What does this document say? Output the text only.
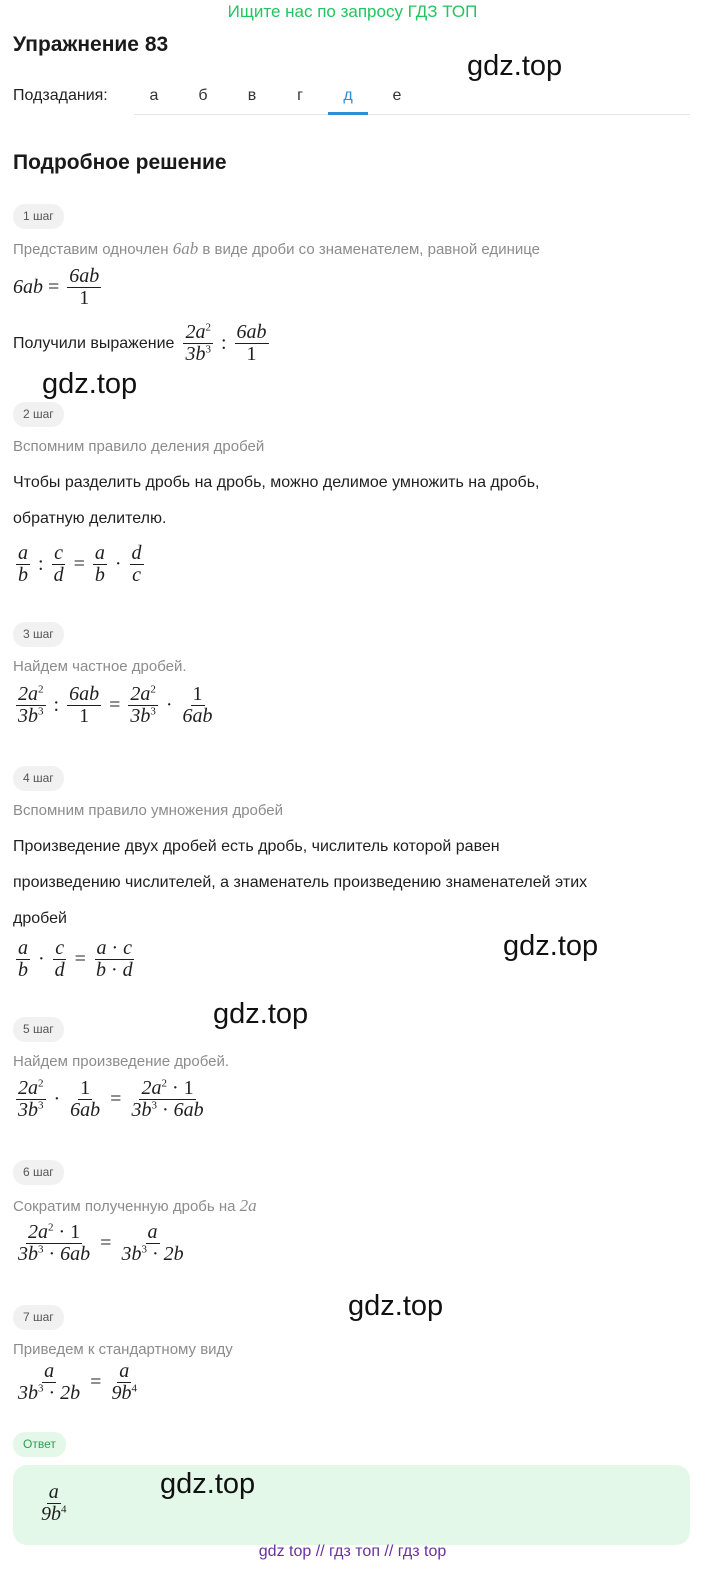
Ищите нас по запросу ГДЗ ТОП
Упражнение 83
gdz.top
gdz.top
gdz.top
gdz.top
gdz.top
Подзадания:	а	б	в	г	д	е
Подробное решение
1 шаг
Представим одночлен 6ab в виде дроби со знаменателем, равной единице
$6ab = \frac{6ab}{1}$
Получили выражение $\frac{2a^2}{3b^3}$ : $\frac{6ab}{1}$
2 шаг
Вспомним правило деления дробей
Чтобы разделить дробь на дробь, можно делимое умножить на дробь,
обратную делителю.
$\frac{a}{b}$ : $\frac{c}{d} = \frac{a}{b} \cdot \frac{d}{c}$
3 шаг
Найдем частное дробей.
$\frac{2a^2}{3b^3}$ : $\frac{6ab}{1} = \frac{2a^2}{3b^3} \cdot \frac{1}{6ab}$
4 шаг
Вспомним правило умножения дробей
Произведение двух дробей есть дробь, числитель которой равен
произведению числителей, а знаменатель произведению знаменателей этих
дробей
$\frac{a}{b} \cdot \frac{c}{d} = \frac{a \cdot c}{b \cdot d}$
5 шаг
Найдем произведение дробей.
$\frac{2a^2}{3b^3} \cdot \frac{1}{6ab} = \frac{2a^2 \cdot 1}{3b^3 \cdot 6ab}$
6 шаг
Сократим полученную дробь на 2a
$\frac{2a^2 \cdot 1}{3b^3 \cdot 6ab} = \frac{a}{3b^3 \cdot 2b}$
7 шаг
Приведем к стандартному виду
$\frac{a}{3b^3 \cdot 2b} = \frac{a}{9b^4}$
Ответ
$\frac{a}{9b^4}$	gdz.top
gdz top // гдз топ // гдз top
